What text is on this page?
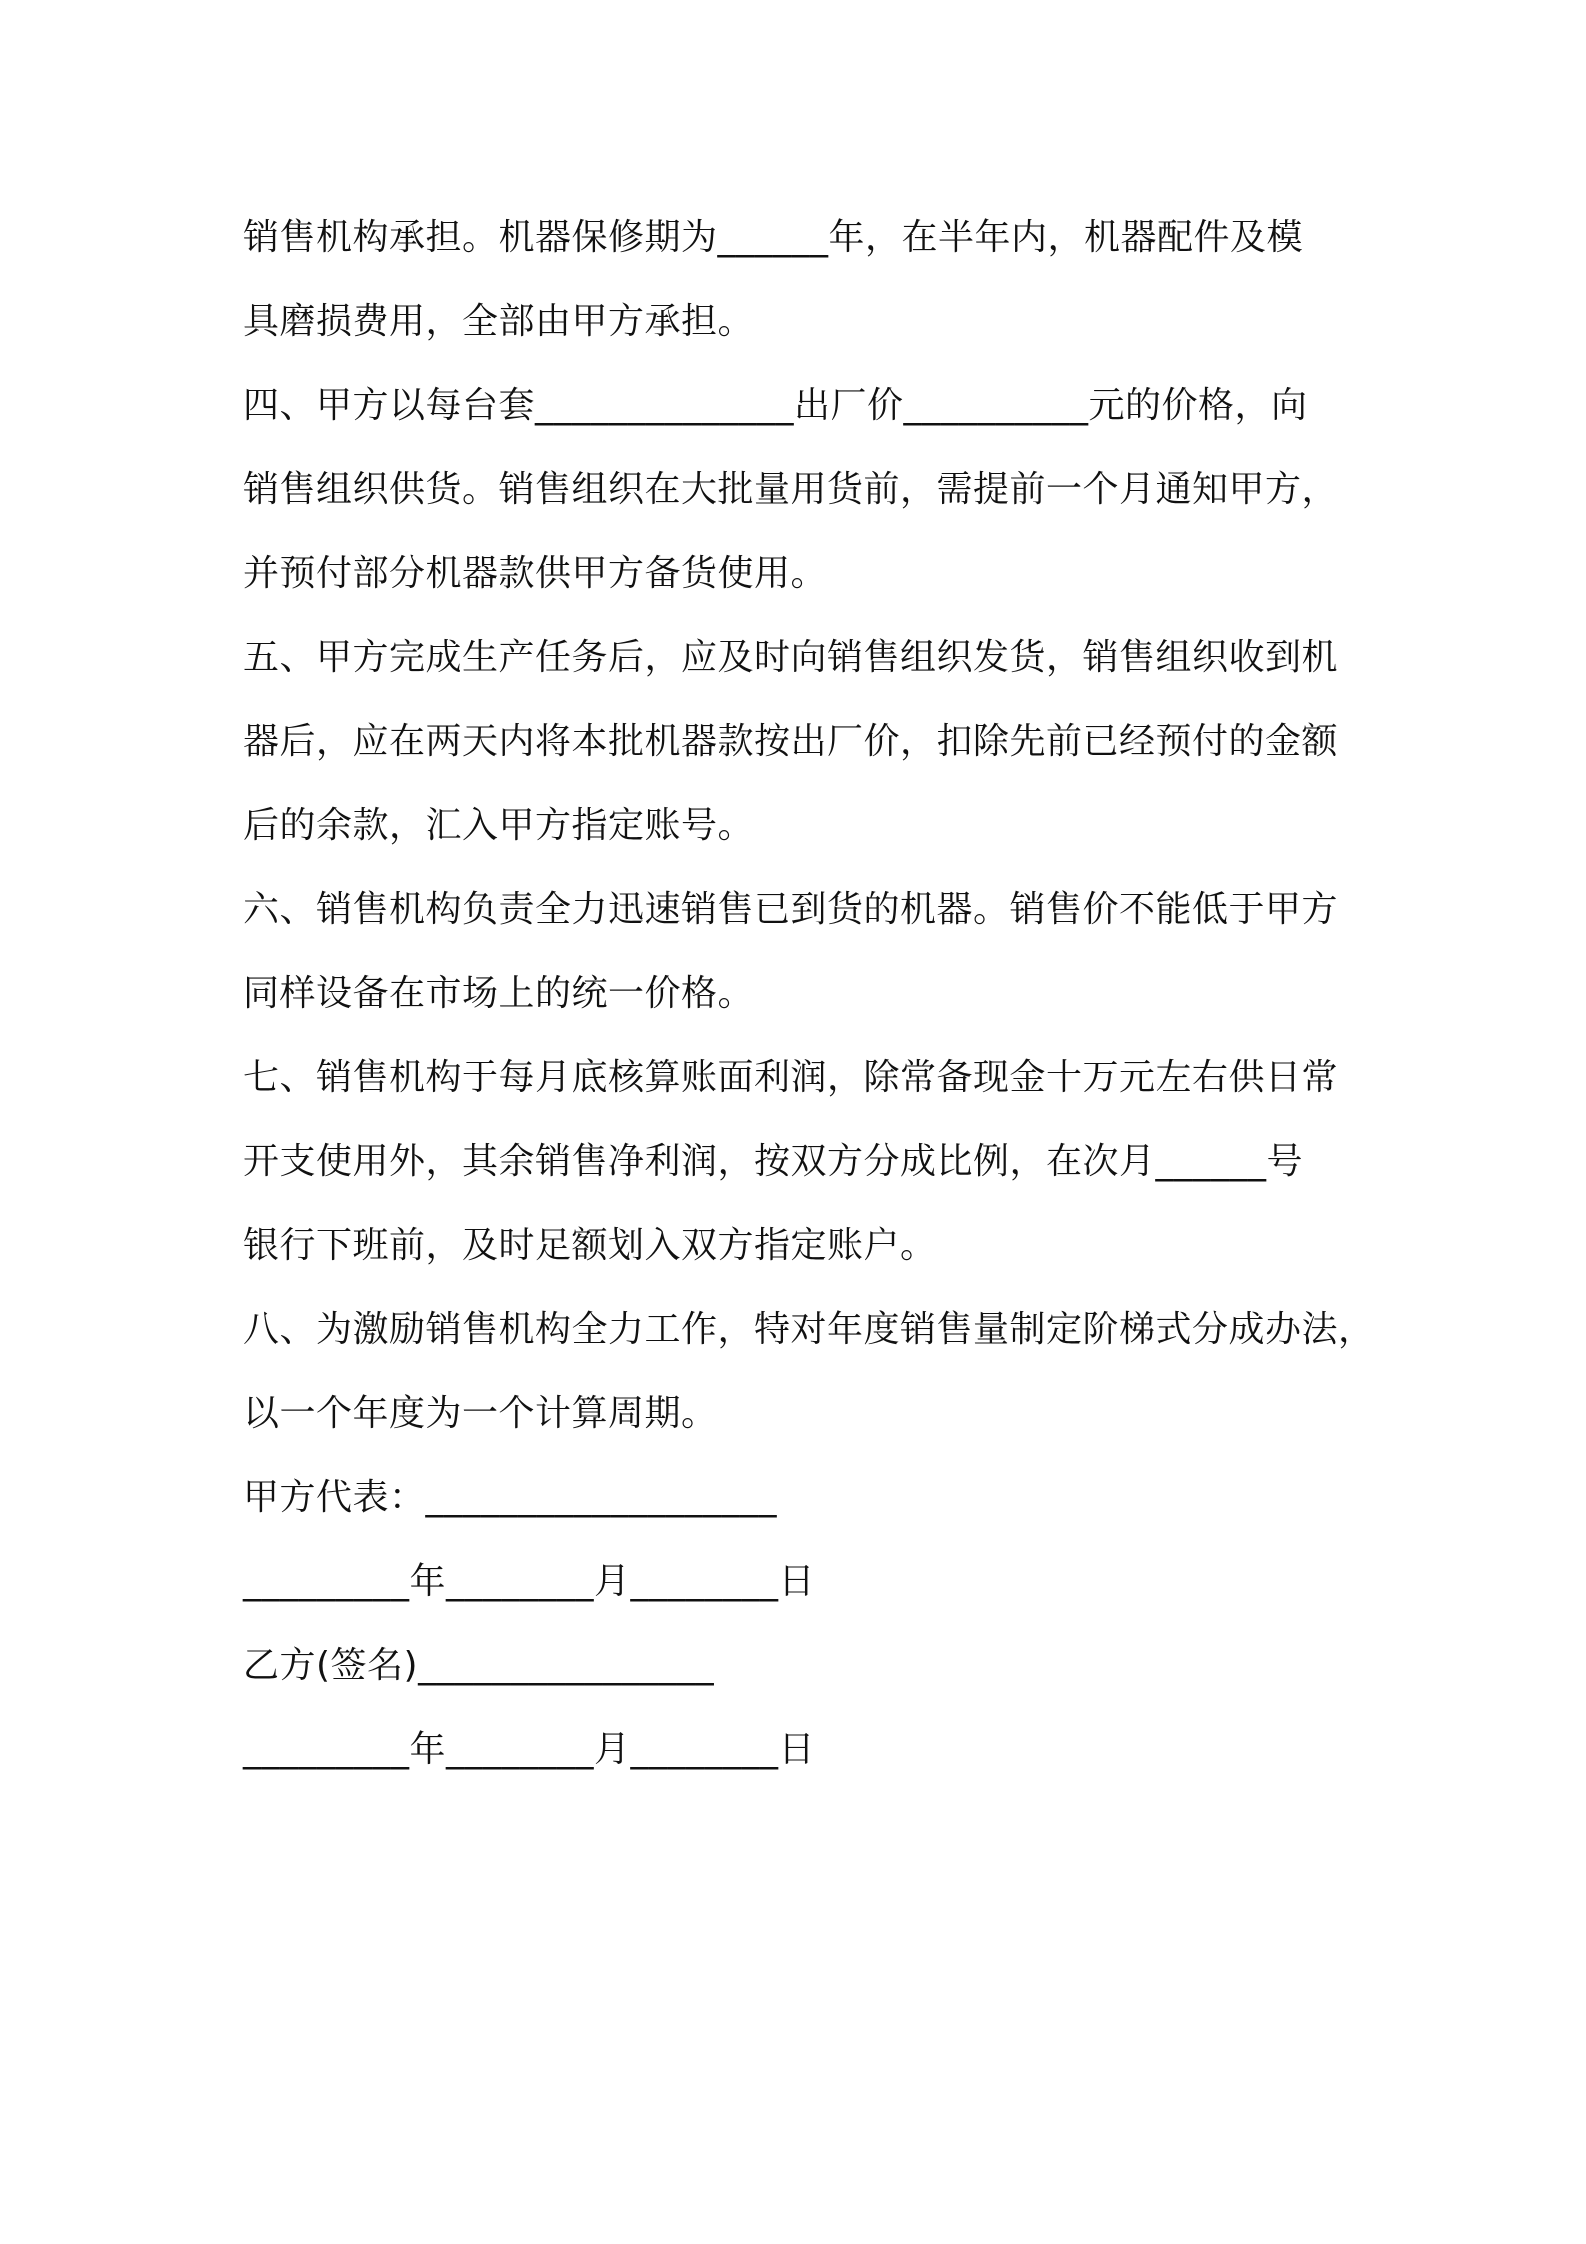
销售机构承担。机器保修期为______年，在半年内，机器配件及模
具磨损费用，全部由甲方承担。
四、甲方以每台套______________出厂价__________元的价格，向
销售组织供货。销售组织在大批量用货前，需提前一个月通知甲方，
并预付部分机器款供甲方备货使用。
五、甲方完成生产任务后，应及时向销售组织发货，销售组织收到机
器后，应在两天内将本批机器款按出厂价，扣除先前已经预付的金额
后的余款，汇入甲方指定账号。
六、销售机构负责全力迅速销售已到货的机器。销售价不能低于甲方
同样设备在市场上的统一价格。
七、销售机构于每月底核算账面利润，除常备现金十万元左右供日常
开支使用外，其余销售净利润，按双方分成比例，在次月______号
银行下班前，及时足额划入双方指定账户。
八、为激励销售机构全力工作，特对年度销售量制定阶梯式分成办法，
以一个年度为一个计算周期。
甲方代表：___________________
_________年________月________日
乙方(签名)________________
_________年________月________日
